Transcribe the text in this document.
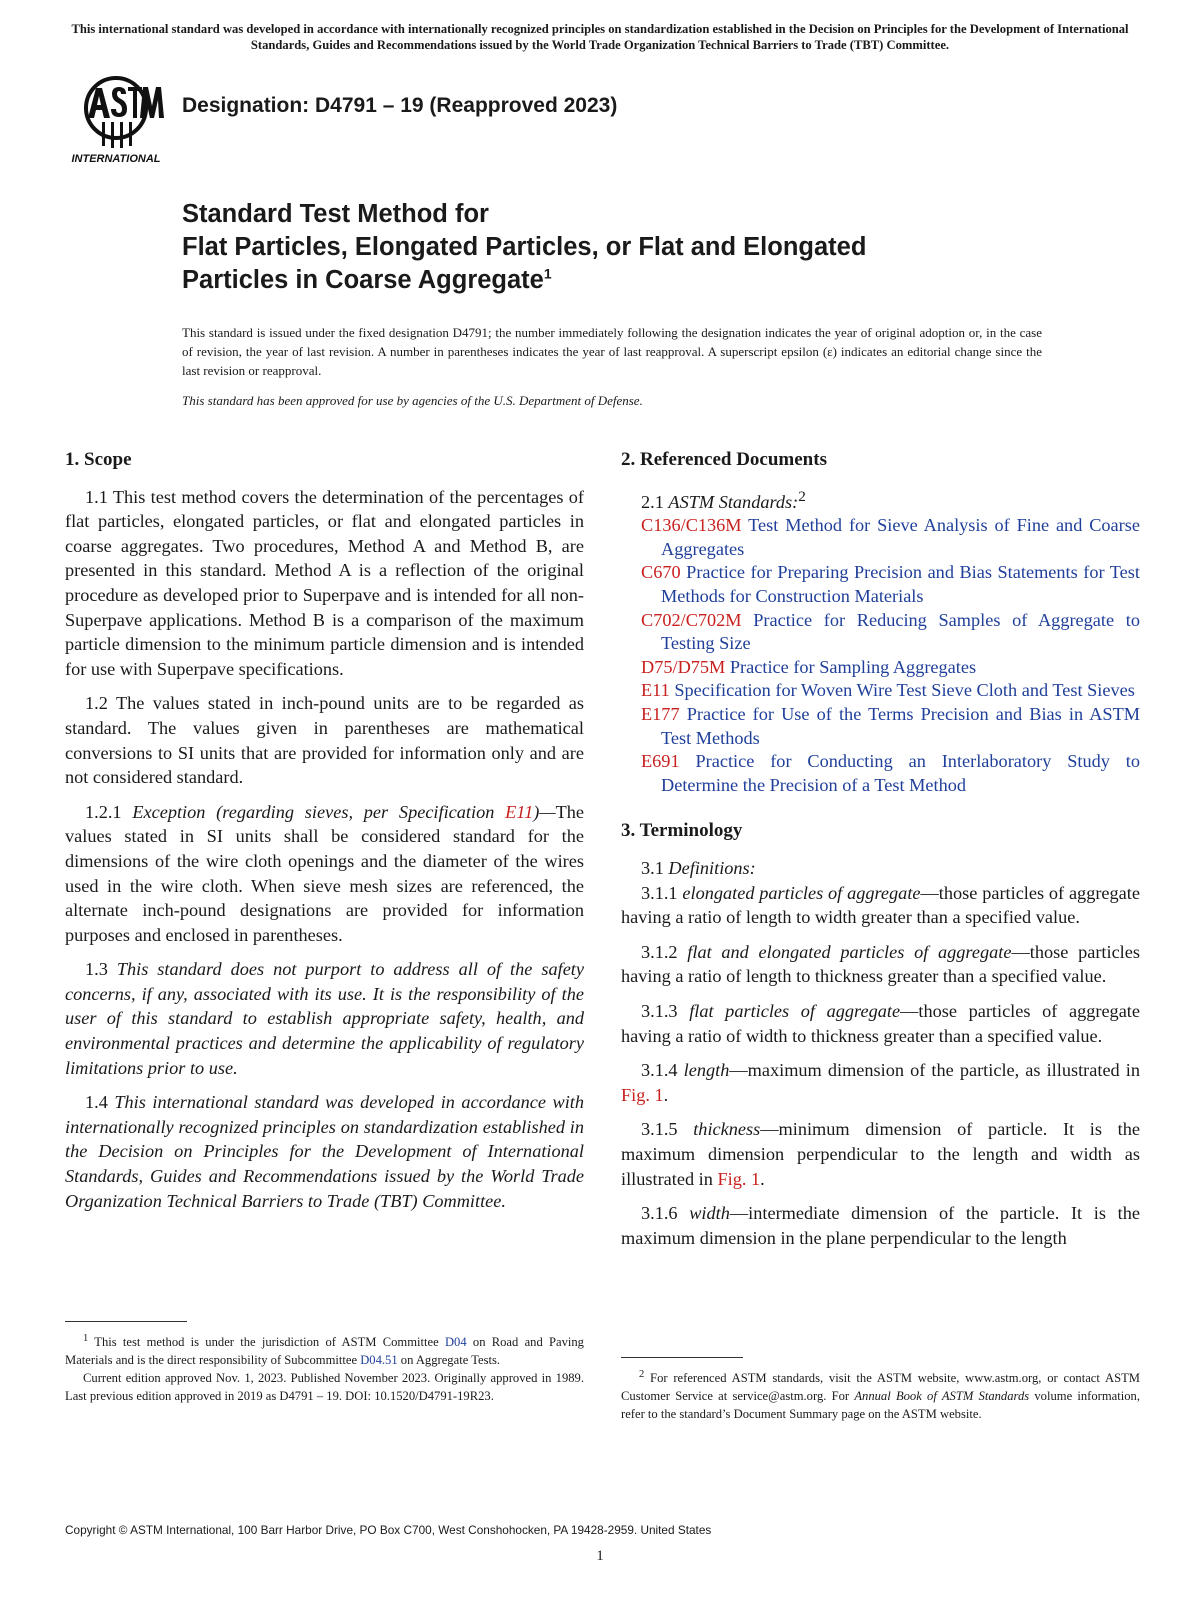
This international standard was developed in accordance with internationally recognized principles on standardization established in the Decision on Principles for the Development of International Standards, Guides and Recommendations issued by the World Trade Organization Technical Barriers to Trade (TBT) Committee.
INTERNATIONAL
Designation: D4791 – 19 (Reapproved 2023)
Standard Test Method for
Flat Particles, Elongated Particles, or Flat and Elongated
Particles in Coarse Aggregate$^1$
This standard is issued under the fixed designation D4791; the number immediately following the designation indicates the year of original adoption or, in the case of revision, the year of last revision. A number in parentheses indicates the year of last reapproval. A superscript epsilon (ε) indicates an editorial change since the last revision or reapproval.
This standard has been approved for use by agencies of the U.S. Department of Defense.
1. Scope
1.1 This test method covers the determination of the percentages of flat particles, elongated particles, or flat and elongated particles in coarse aggregates. Two procedures, Method A and Method B, are presented in this standard. Method A is a reflection of the original procedure as developed prior to Superpave and is intended for all non-Superpave applications. Method B is a comparison of the maximum particle dimension to the minimum particle dimension and is intended for use with Superpave specifications.
1.2 The values stated in inch-pound units are to be regarded as standard. The values given in parentheses are mathematical conversions to SI units that are provided for information only and are not considered standard.
1.2.1 Exception (regarding sieves, per Specification E11)—The values stated in SI units shall be considered standard for the dimensions of the wire cloth openings and the diameter of the wires used in the wire cloth. When sieve mesh sizes are referenced, the alternate inch-pound designations are provided for information purposes and enclosed in parentheses.
1.3 This standard does not purport to address all of the safety concerns, if any, associated with its use. It is the responsibility of the user of this standard to establish appropriate safety, health, and environmental practices and determine the applicability of regulatory limitations prior to use.
1.4 This international standard was developed in accordance with internationally recognized principles on standardization established in the Decision on Principles for the Development of International Standards, Guides and Recommendations issued by the World Trade Organization Technical Barriers to Trade (TBT) Committee.
2. Referenced Documents
2.1 ASTM Standards:$^2$
C136/C136M Test Method for Sieve Analysis of Fine and Coarse Aggregates
C670 Practice for Preparing Precision and Bias Statements for Test Methods for Construction Materials
C702/C702M Practice for Reducing Samples of Aggregate to Testing Size
D75/D75M Practice for Sampling Aggregates
E11 Specification for Woven Wire Test Sieve Cloth and Test Sieves
E177 Practice for Use of the Terms Precision and Bias in ASTM Test Methods
E691 Practice for Conducting an Interlaboratory Study to Determine the Precision of a Test Method
3. Terminology
3.1 Definitions:
3.1.1 elongated particles of aggregate—those particles of aggregate having a ratio of length to width greater than a specified value.
3.1.2 flat and elongated particles of aggregate—those particles having a ratio of length to thickness greater than a specified value.
3.1.3 flat particles of aggregate—those particles of aggregate having a ratio of width to thickness greater than a specified value.
3.1.4 length—maximum dimension of the particle, as illustrated in Fig. 1.
3.1.5 thickness—minimum dimension of particle. It is the maximum dimension perpendicular to the length and width as illustrated in Fig. 1.
3.1.6 width—intermediate dimension of the particle. It is the maximum dimension in the plane perpendicular to the length
$^1$ This test method is under the jurisdiction of ASTM Committee D04 on Road and Paving Materials and is the direct responsibility of Subcommittee D04.51 on Aggregate Tests.
Current edition approved Nov. 1, 2023. Published November 2023. Originally approved in 1989. Last previous edition approved in 2019 as D4791 – 19. DOI: 10.1520/D4791-19R23.
$^2$ For referenced ASTM standards, visit the ASTM website, www.astm.org, or contact ASTM Customer Service at service@astm.org. For Annual Book of ASTM Standards volume information, refer to the standard’s Document Summary page on the ASTM website.
Copyright © ASTM International, 100 Barr Harbor Drive, PO Box C700, West Conshohocken, PA 19428-2959. United States
1
